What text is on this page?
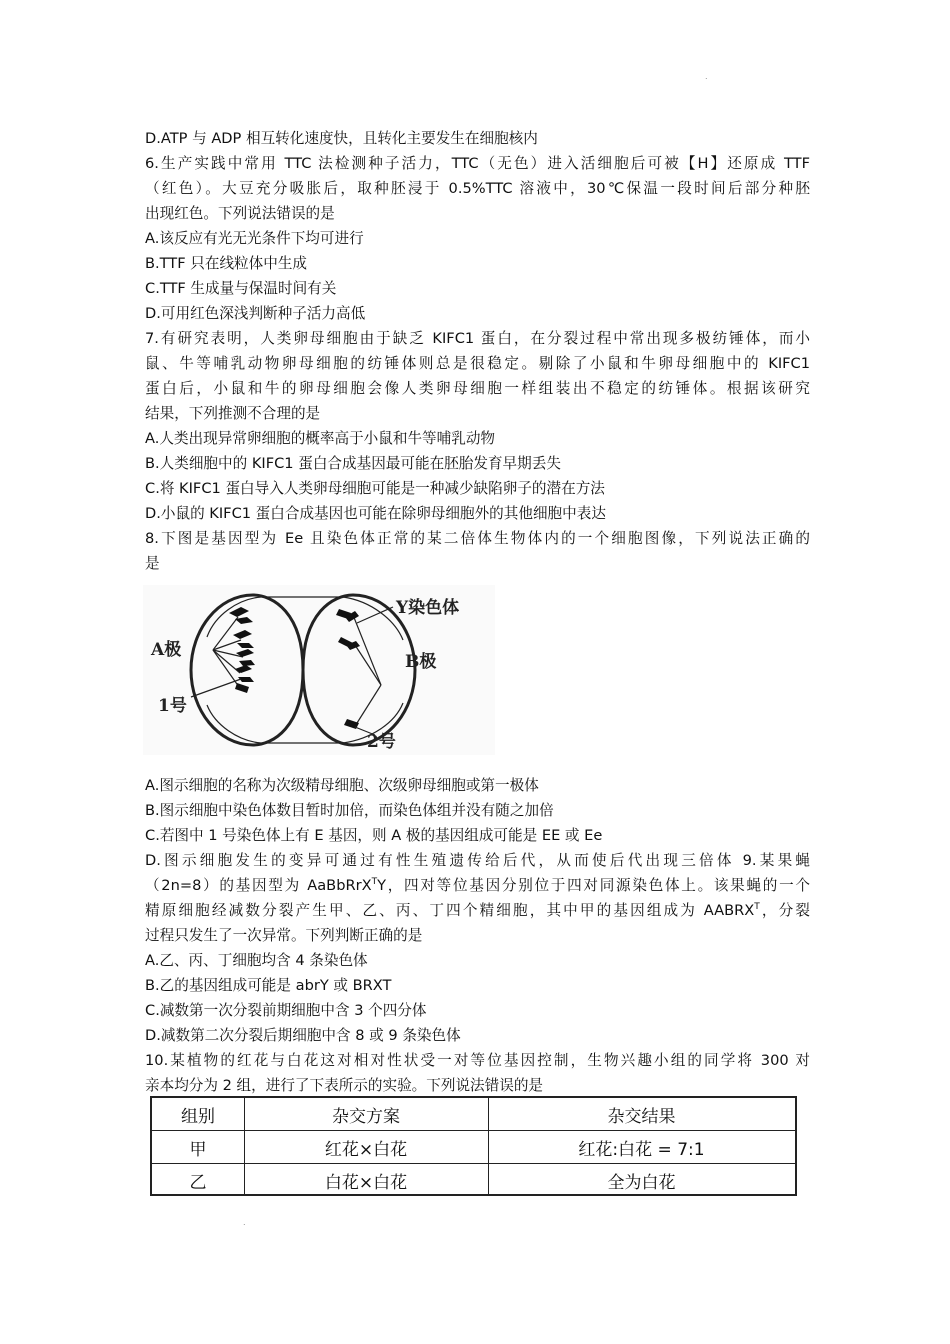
.
D.ATP 与 ADP 相互转化速度快，且转化主要发生在细胞核内
6.生产实践中常用 TTC 法检测种子活力，TTC（无色）进入活细胞后可被【H】还原成 TTF
（红色）。大豆充分吸胀后，取种胚浸于 0.5%TTC 溶液中，30℃保温一段时间后部分种胚
出现红色。下列说法错误的是
A.该反应有光无光条件下均可进行
B.TTF 只在线粒体中生成
C.TTF 生成量与保温时间有关
D.可用红色深浅判断种子活力高低
7.有研究表明，人类卵母细胞由于缺乏 KIFC1 蛋白，在分裂过程中常出现多极纺锤体，而小
鼠、牛等哺乳动物卵母细胞的纺锤体则总是很稳定。剔除了小鼠和牛卵母细胞中的 KIFC1
蛋白后，小鼠和牛的卵母细胞会像人类卵母细胞一样组装出不稳定的纺锤体。根据该研究
结果，下列推测不合理的是
A.人类出现异常卵细胞的概率高于小鼠和牛等哺乳动物
B.人类细胞中的 KIFC1 蛋白合成基因最可能在胚胎发育早期丢失
C.将 KIFC1 蛋白导入人类卵母细胞可能是一种减少缺陷卵子的潜在方法
D.小鼠的 KIFC1 蛋白合成基因也可能在除卵母细胞外的其他细胞中表达
8.下图是基因型为 Ee 且染色体正常的某二倍体生物体内的一个细胞图像，下列说法正确的
是
Y染色体
A极
B极
1号
2号
A.图示细胞的名称为次级精母细胞、次级卵母细胞或第一极体
B.图示细胞中染色体数目暂时加倍，而染色体组并没有随之加倍
C.若图中 1 号染色体上有 E 基因，则 A 极的基因组成可能是 EE 或 Ee
D.图示细胞发生的变异可通过有性生殖遗传给后代，从而使后代出现三倍体 9.某果蝇
（2n=8）的基因型为 AaBbRrX$^T$Y，四对等位基因分别位于四对同源染色体上。该果蝇的一个
精原细胞经减数分裂产生甲、乙、丙、丁四个精细胞，其中甲的基因组成为 $AABRX^T$，分裂
过程只发生了一次异常。下列判断正确的是
A.乙、丙、丁细胞均含 4 条染色体
B.乙的基因组成可能是 abrY 或 BRXT
C.减数第一次分裂前期细胞中含 3 个四分体
D.减数第二次分裂后期细胞中含 8 或 9 条染色体
10.某植物的红花与白花这对相对性状受一对等位基因控制，生物兴趣小组的同学将 300 对
亲本均分为 2 组，进行了下表所示的实验。下列说法错误的是
组别	杂交方案	杂交结果
甲	红花×白花	红花:白花 = 7:1
乙	白花×白花	全为白花
.
